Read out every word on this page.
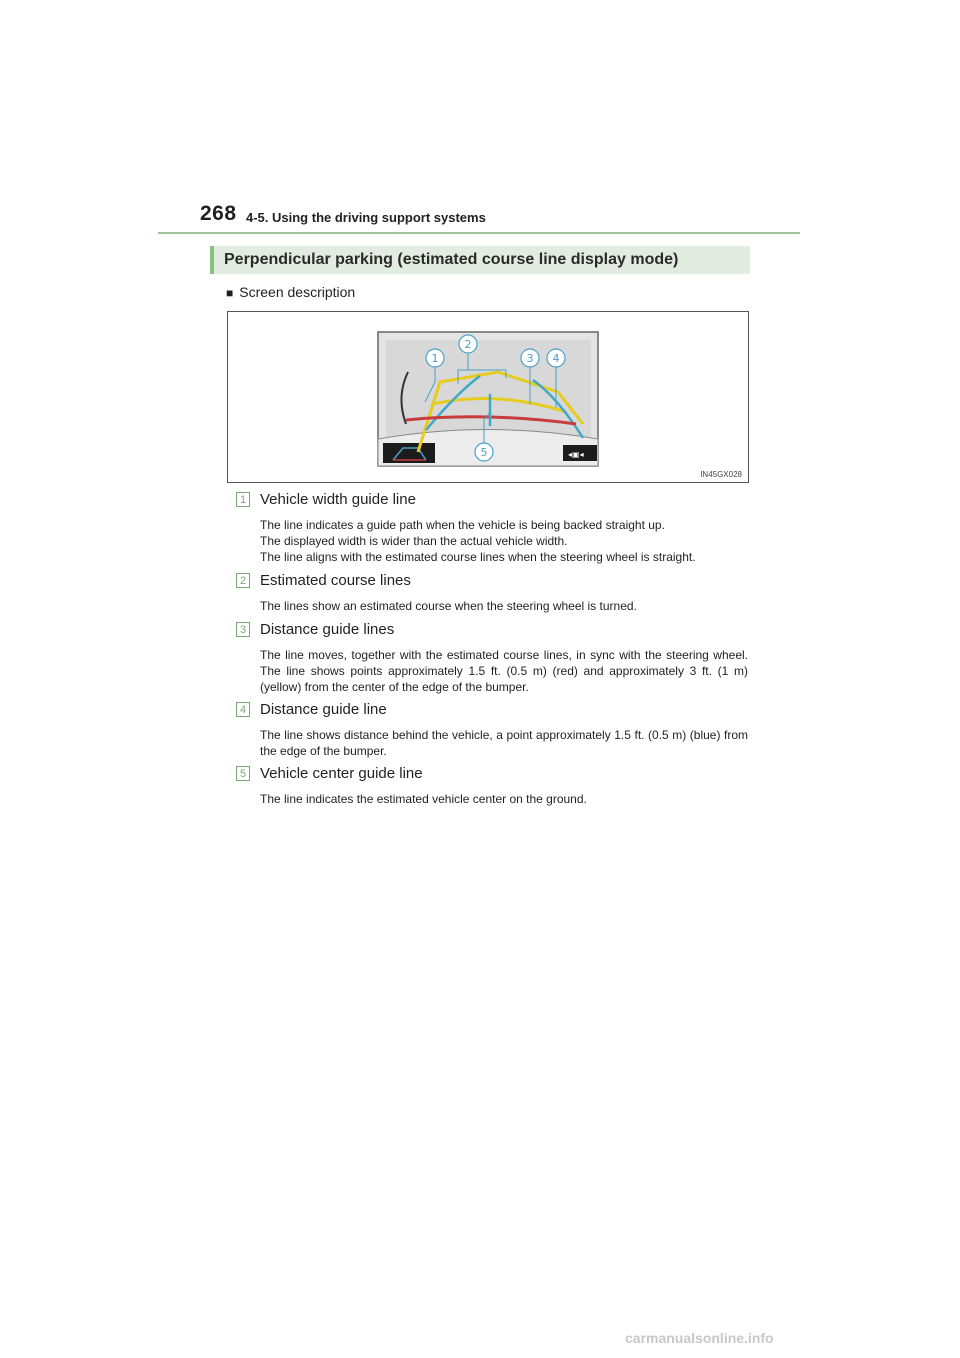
268 4-5. Using the driving support systems
Perpendicular parking (estimated course line display mode)
■ Screen description
◂▣◂
1
2
3 4
5
IN45GX028
1 Vehicle width guide line
The line indicates a guide path when the vehicle is being backed straight up.
The displayed width is wider than the actual vehicle width.
The line aligns with the estimated course lines when the steering wheel is straight.
2 Estimated course lines
The lines show an estimated course when the steering wheel is turned.
3 Distance guide lines
The line moves, together with the estimated course lines, in sync with the steering wheel. The line shows points approximately 1.5 ft. (0.5 m) (red) and approximately 3 ft. (1 m) (yellow) from the center of the edge of the bumper.
4 Distance guide line
The line shows distance behind the vehicle, a point approximately 1.5 ft. (0.5 m) (blue) from the edge of the bumper.
5 Vehicle center guide line
The line indicates the estimated vehicle center on the ground.
carmanualsonline.info
